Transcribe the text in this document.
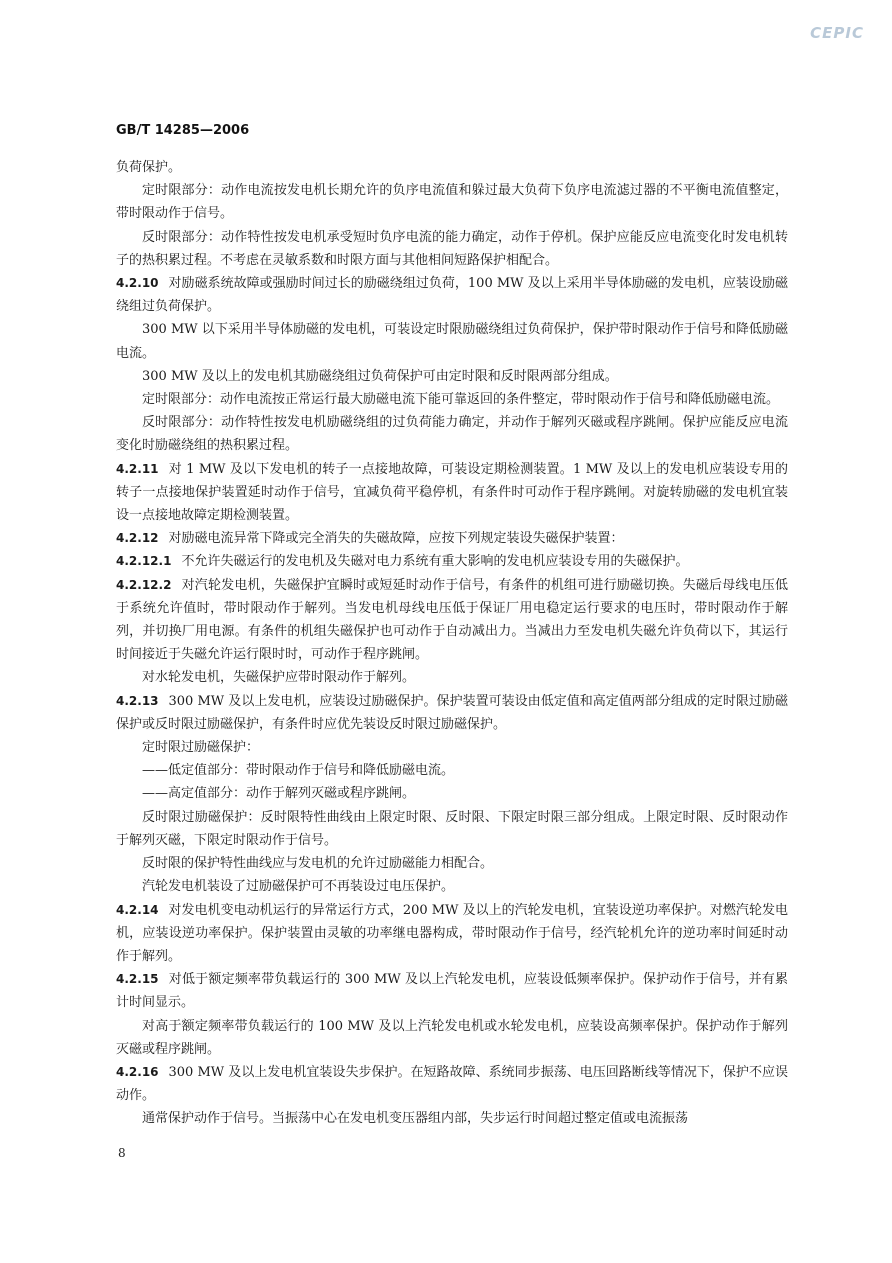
CEPIC
GB/T 14285—2006

负荷保护。

定时限部分：动作电流按发电机长期允许的负序电流值和躲过最大负荷下负序电流滤过器的不平衡电流值整定，带时限动作于信号。

反时限部分：动作特性按发电机承受短时负序电流的能力确定，动作于停机。保护应能反应电流变化时发电机转子的热积累过程。不考虑在灵敏系数和时限方面与其他相间短路保护相配合。

4.2.10 对励磁系统故障或强励时间过长的励磁绕组过负荷，100 MW 及以上采用半导体励磁的发电机，应装设励磁绕组过负荷保护。

300 MW 以下采用半导体励磁的发电机，可装设定时限励磁绕组过负荷保护，保护带时限动作于信号和降低励磁电流。

300 MW 及以上的发电机其励磁绕组过负荷保护可由定时限和反时限两部分组成。

定时限部分：动作电流按正常运行最大励磁电流下能可靠返回的条件整定，带时限动作于信号和降低励磁电流。

反时限部分：动作特性按发电机励磁绕组的过负荷能力确定，并动作于解列灭磁或程序跳闸。保护应能反应电流变化时励磁绕组的热积累过程。

4.2.11 对 1 MW 及以下发电机的转子一点接地故障，可装设定期检测装置。1 MW 及以上的发电机应装设专用的转子一点接地保护装置延时动作于信号，宜减负荷平稳停机，有条件时可动作于程序跳闸。对旋转励磁的发电机宜装设一点接地故障定期检测装置。

4.2.12 对励磁电流异常下降或完全消失的失磁故障，应按下列规定装设失磁保护装置：

4.2.12.1 不允许失磁运行的发电机及失磁对电力系统有重大影响的发电机应装设专用的失磁保护。

4.2.12.2 对汽轮发电机，失磁保护宜瞬时或短延时动作于信号，有条件的机组可进行励磁切换。失磁后母线电压低于系统允许值时，带时限动作于解列。当发电机母线电压低于保证厂用电稳定运行要求的电压时，带时限动作于解列，并切换厂用电源。有条件的机组失磁保护也可动作于自动减出力。当减出力至发电机失磁允许负荷以下，其运行时间接近于失磁允许运行限时时，可动作于程序跳闸。

对水轮发电机，失磁保护应带时限动作于解列。

4.2.13 300 MW 及以上发电机，应装设过励磁保护。保护装置可装设由低定值和高定值两部分组成的定时限过励磁保护或反时限过励磁保护，有条件时应优先装设反时限过励磁保护。

定时限过励磁保护：

——低定值部分：带时限动作于信号和降低励磁电流。

——高定值部分：动作于解列灭磁或程序跳闸。

反时限过励磁保护：反时限特性曲线由上限定时限、反时限、下限定时限三部分组成。上限定时限、反时限动作于解列灭磁，下限定时限动作于信号。

反时限的保护特性曲线应与发电机的允许过励磁能力相配合。

汽轮发电机装设了过励磁保护可不再装设过电压保护。

4.2.14 对发电机变电动机运行的异常运行方式，200 MW 及以上的汽轮发电机，宜装设逆功率保护。对燃汽轮发电机，应装设逆功率保护。保护装置由灵敏的功率继电器构成，带时限动作于信号，经汽轮机允许的逆功率时间延时动作于解列。

4.2.15 对低于额定频率带负载运行的 300 MW 及以上汽轮发电机，应装设低频率保护。保护动作于信号，并有累计时间显示。

对高于额定频率带负载运行的 100 MW 及以上汽轮发电机或水轮发电机，应装设高频率保护。保护动作于解列灭磁或程序跳闸。

4.2.16 300 MW 及以上发电机宜装设失步保护。在短路故障、系统同步振荡、电压回路断线等情况下，保护不应误动作。

通常保护动作于信号。当振荡中心在发电机变压器组内部，失步运行时间超过整定值或电流振荡

8
